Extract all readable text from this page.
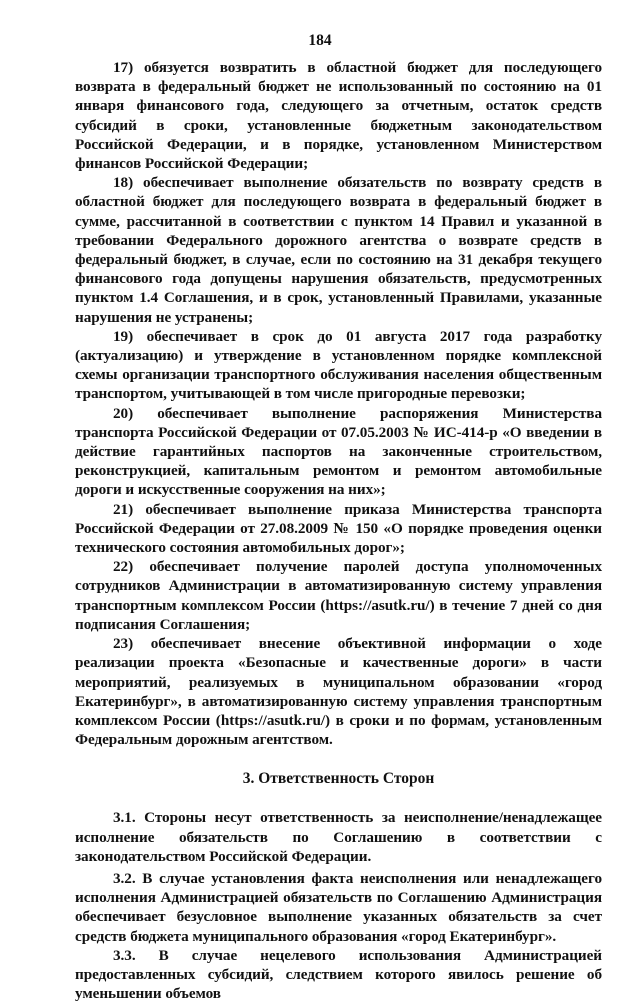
184

17) обязуется возвратить в областной бюджет для последующего возврата в федеральный бюджет не использованный по состоянию на 01 января финансового года, следующего за отчетным, остаток средств субсидий в сроки, установленные бюджетным законодательством Российской Федерации, и в порядке, установленном Министерством финансов Российской Федерации;

18) обеспечивает выполнение обязательств по возврату средств в областной бюджет для последующего возврата в федеральный бюджет в сумме, рассчитанной в соответствии с пунктом 14 Правил и указанной в требовании Федерального дорожного агентства о возврате средств в федеральный бюджет, в случае, если по состоянию на 31 декабря текущего финансового года допущены нарушения обязательств, предусмотренных пунктом 1.4 Соглашения, и в срок, установленный Правилами, указанные нарушения не устранены;

19) обеспечивает в срок до 01 августа 2017 года разработку (актуализацию) и утверждение в установленном порядке комплексной схемы организации транспортного обслуживания населения общественным транспортом, учитывающей в том числе пригородные перевозки;

20) обеспечивает выполнение распоряжения Министерства транспорта Российской Федерации от 07.05.2003 № ИС-414-р «О введении в действие гарантийных паспортов на законченные строительством, реконструкцией, капитальным ремонтом и ремонтом автомобильные дороги и искусственные сооружения на них»;

21) обеспечивает выполнение приказа Министерства транспорта Российской Федерации от 27.08.2009 № 150 «О порядке проведения оценки технического состояния автомобильных дорог»;

22) обеспечивает получение паролей доступа уполномоченных сотрудников Администрации в автоматизированную систему управления транспортным комплексом России (https://asutk.ru/) в течение 7 дней со дня подписания Соглашения;

23) обеспечивает внесение объективной информации о ходе реализации проекта «Безопасные и качественные дороги» в части мероприятий, реализуемых в муниципальном образовании «город Екатеринбург», в автоматизированную систему управления транспортным комплексом России (https://asutk.ru/) в сроки и по формам, установленным Федеральным дорожным агентством.

3. Ответственность Сторон

3.1. Стороны несут ответственность за неисполнение/ненадлежащее исполнение обязательств по Соглашению в соответствии с законодательством Российской Федерации.

3.2. В случае установления факта неисполнения или ненадлежащего исполнения Администрацией обязательств по Соглашению Администрация обеспечивает безусловное выполнение указанных обязательств за счет средств бюджета муниципального образования «город Екатеринбург».

3.3. В случае нецелевого использования Администрацией предоставленных субсидий, следствием которого явилось решение об уменьшении объемов
